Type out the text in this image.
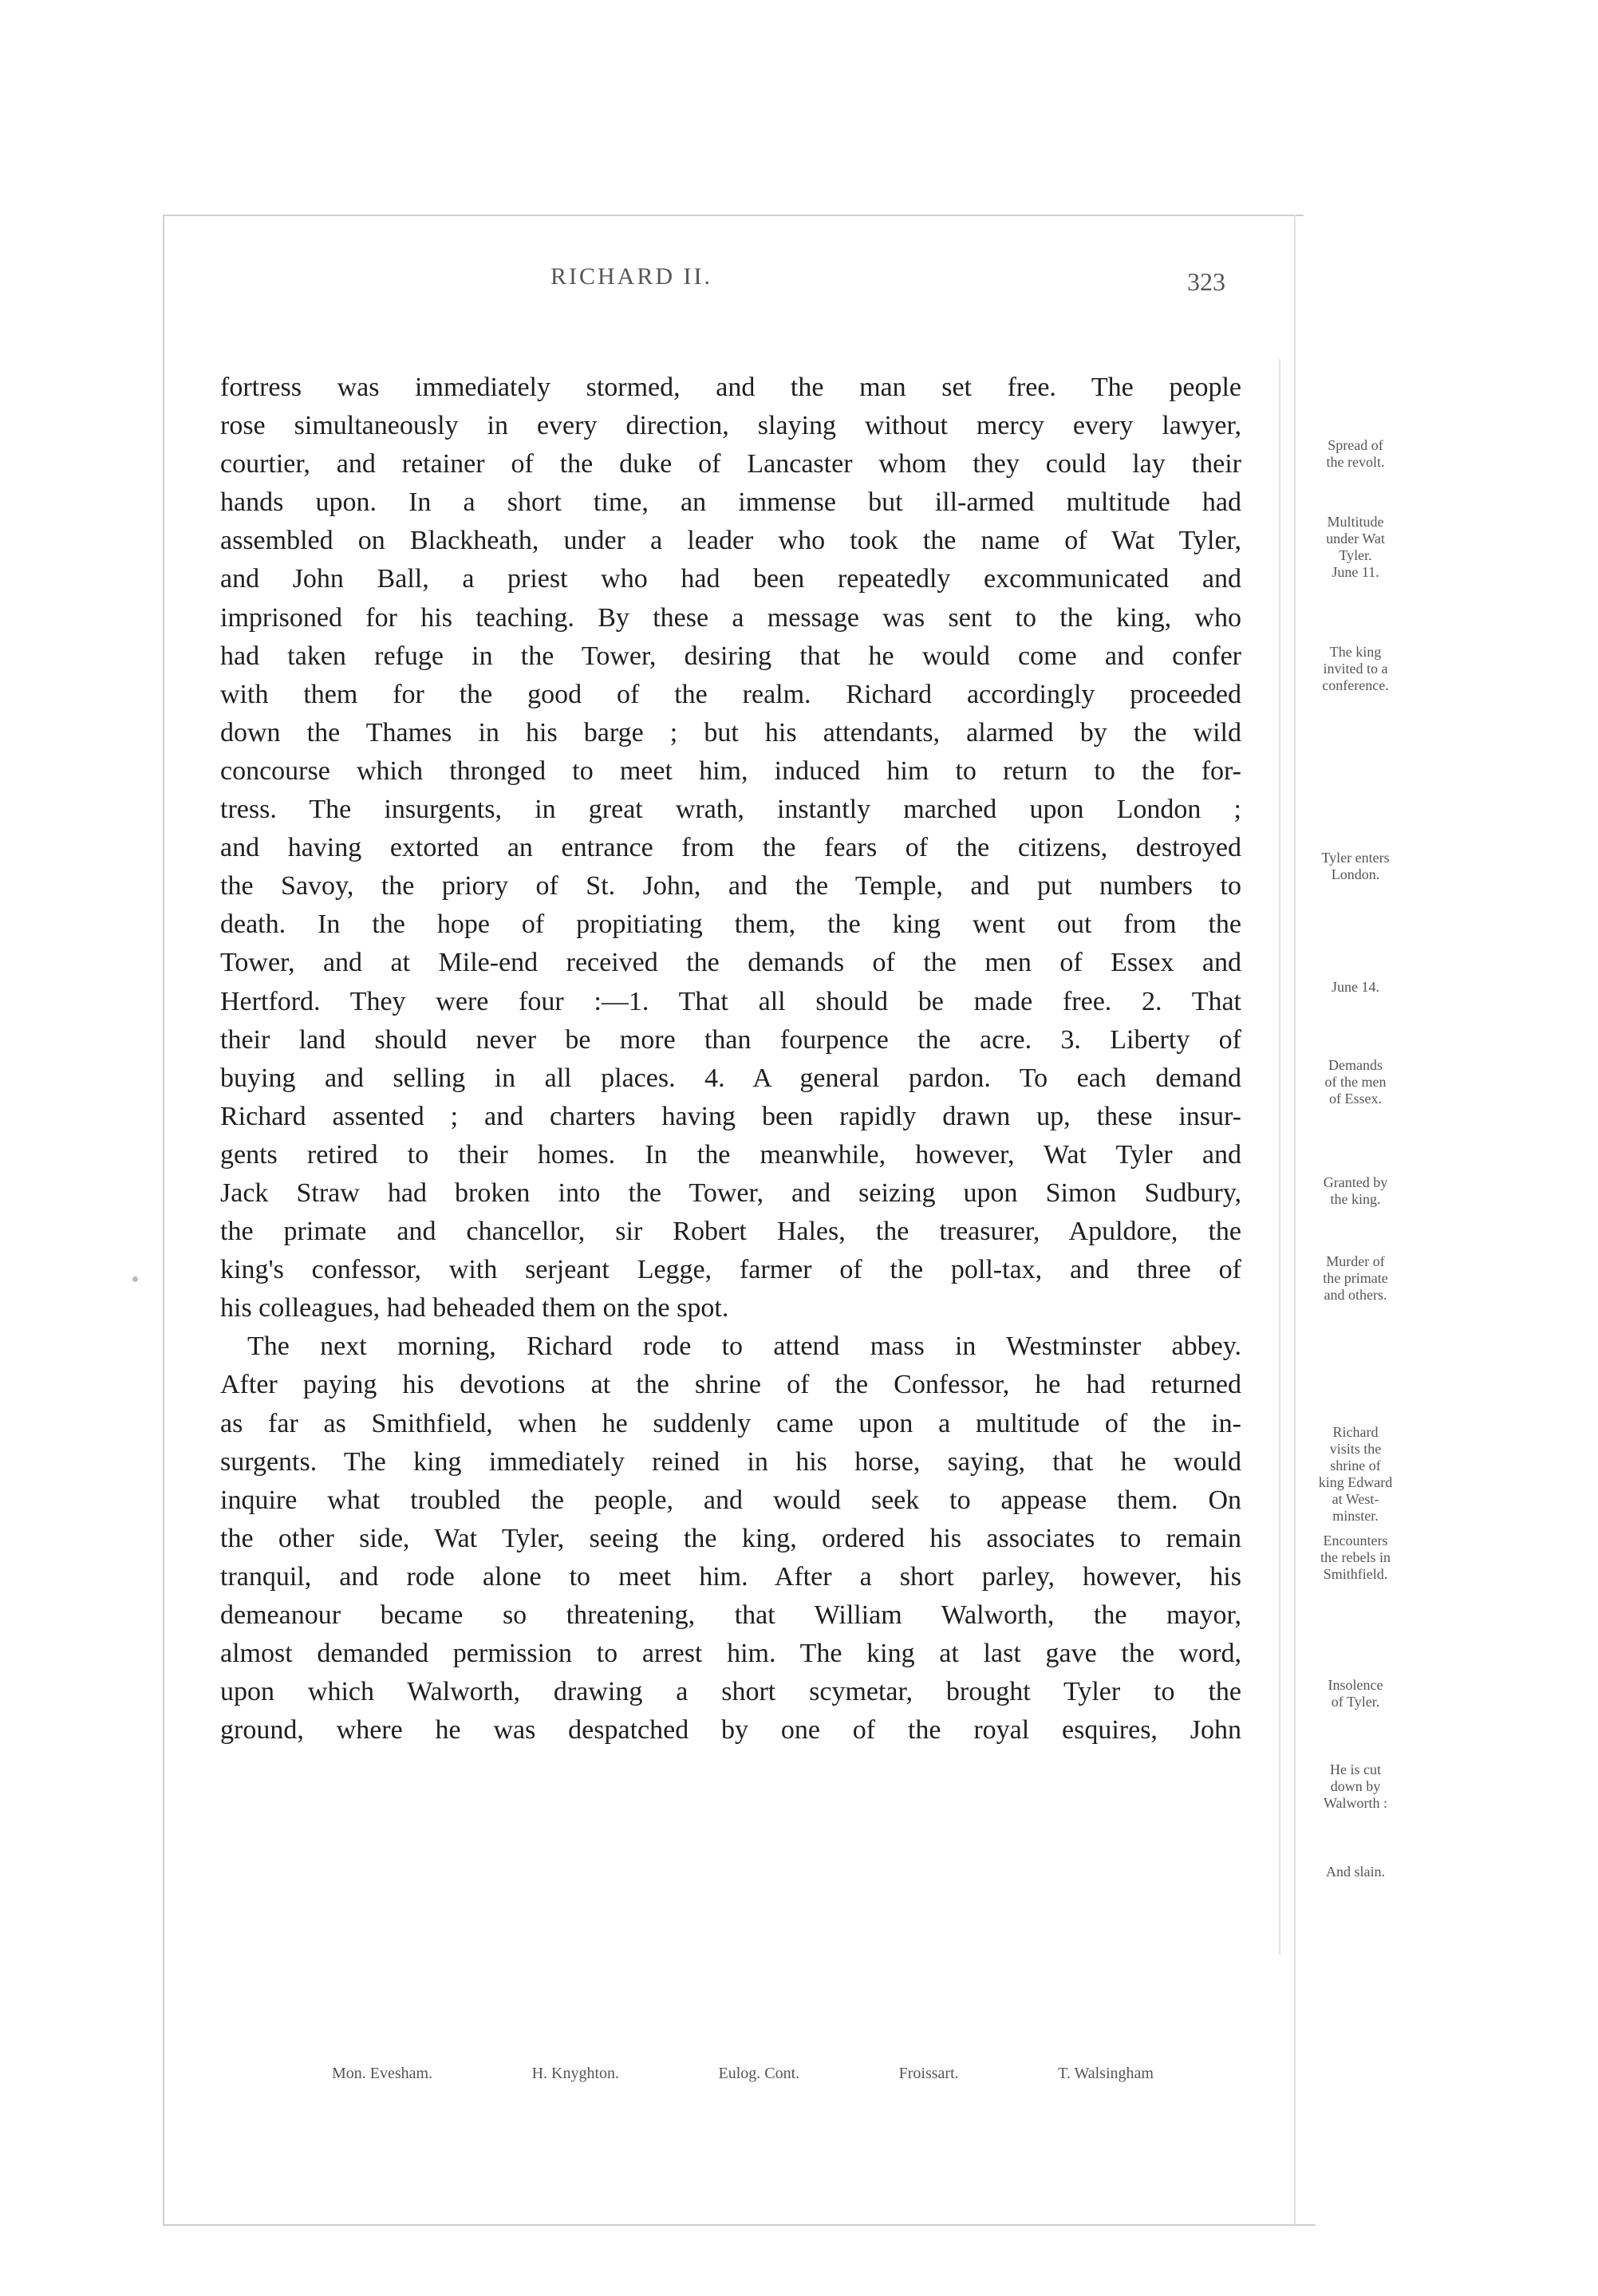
RICHARD II.	323
fortress was immediately stormed, and the man set free. The people
rose simultaneously in every direction, slaying without mercy every lawyer,
courtier, and retainer of the duke of Lancaster whom they could lay their
hands upon. In a short time, an immense but ill-armed multitude had
assembled on Blackheath, under a leader who took the name of Wat Tyler,
and John Ball, a priest who had been repeatedly excommunicated and
imprisoned for his teaching. By these a message was sent to the king, who
had taken refuge in the Tower, desiring that he would come and confer
with them for the good of the realm. Richard accordingly proceeded
down the Thames in his barge ; but his attendants, alarmed by the wild
concourse which thronged to meet him, induced him to return to the for-
tress. The insurgents, in great wrath, instantly marched upon London ;
and having extorted an entrance from the fears of the citizens, destroyed
the Savoy, the priory of St. John, and the Temple, and put numbers to
death. In the hope of propitiating them, the king went out from the
Tower, and at Mile-end received the demands of the men of Essex and
Hertford. They were four :—1. That all should be made free. 2. That
their land should never be more than fourpence the acre. 3. Liberty of
buying and selling in all places. 4. A general pardon. To each demand
Richard assented ; and charters having been rapidly drawn up, these insur-
gents retired to their homes. In the meanwhile, however, Wat Tyler and
Jack Straw had broken into the Tower, and seizing upon Simon Sudbury,
the primate and chancellor, sir Robert Hales, the treasurer, Apuldore, the
king's confessor, with serjeant Legge, farmer of the poll-tax, and three of
his colleagues, had beheaded them on the spot.
The next morning, Richard rode to attend mass in Westminster abbey.
After paying his devotions at the shrine of the Confessor, he had returned
as far as Smithfield, when he suddenly came upon a multitude of the in-
surgents. The king immediately reined in his horse, saying, that he would
inquire what troubled the people, and would seek to appease them. On
the other side, Wat Tyler, seeing the king, ordered his associates to remain
tranquil, and rode alone to meet him. After a short parley, however, his
demeanour became so threatening, that William Walworth, the mayor,
almost demanded permission to arrest him. The king at last gave the word,
upon which Walworth, drawing a short scymetar, brought Tyler to the
ground, where he was despatched by one of the royal esquires, John
Spread of
the revolt.
Multitude
under Wat
Tyler.
June 11.
The king
invited to a
conference.
Tyler enters
London.
June 14.
Demands
of the men
of Essex.
Granted by
the king.
Murder of
the primate
and others.
Richard
visits the
shrine of
king Edward
at West-
minster.
Encounters
the rebels in
Smithfield.
Insolence
of Tyler.
He is cut
down by
Walworth :
And slain.
Mon. Evesham.	H. Knyghton.	Eulog. Cont.	Froissart.	T. Walsingham
